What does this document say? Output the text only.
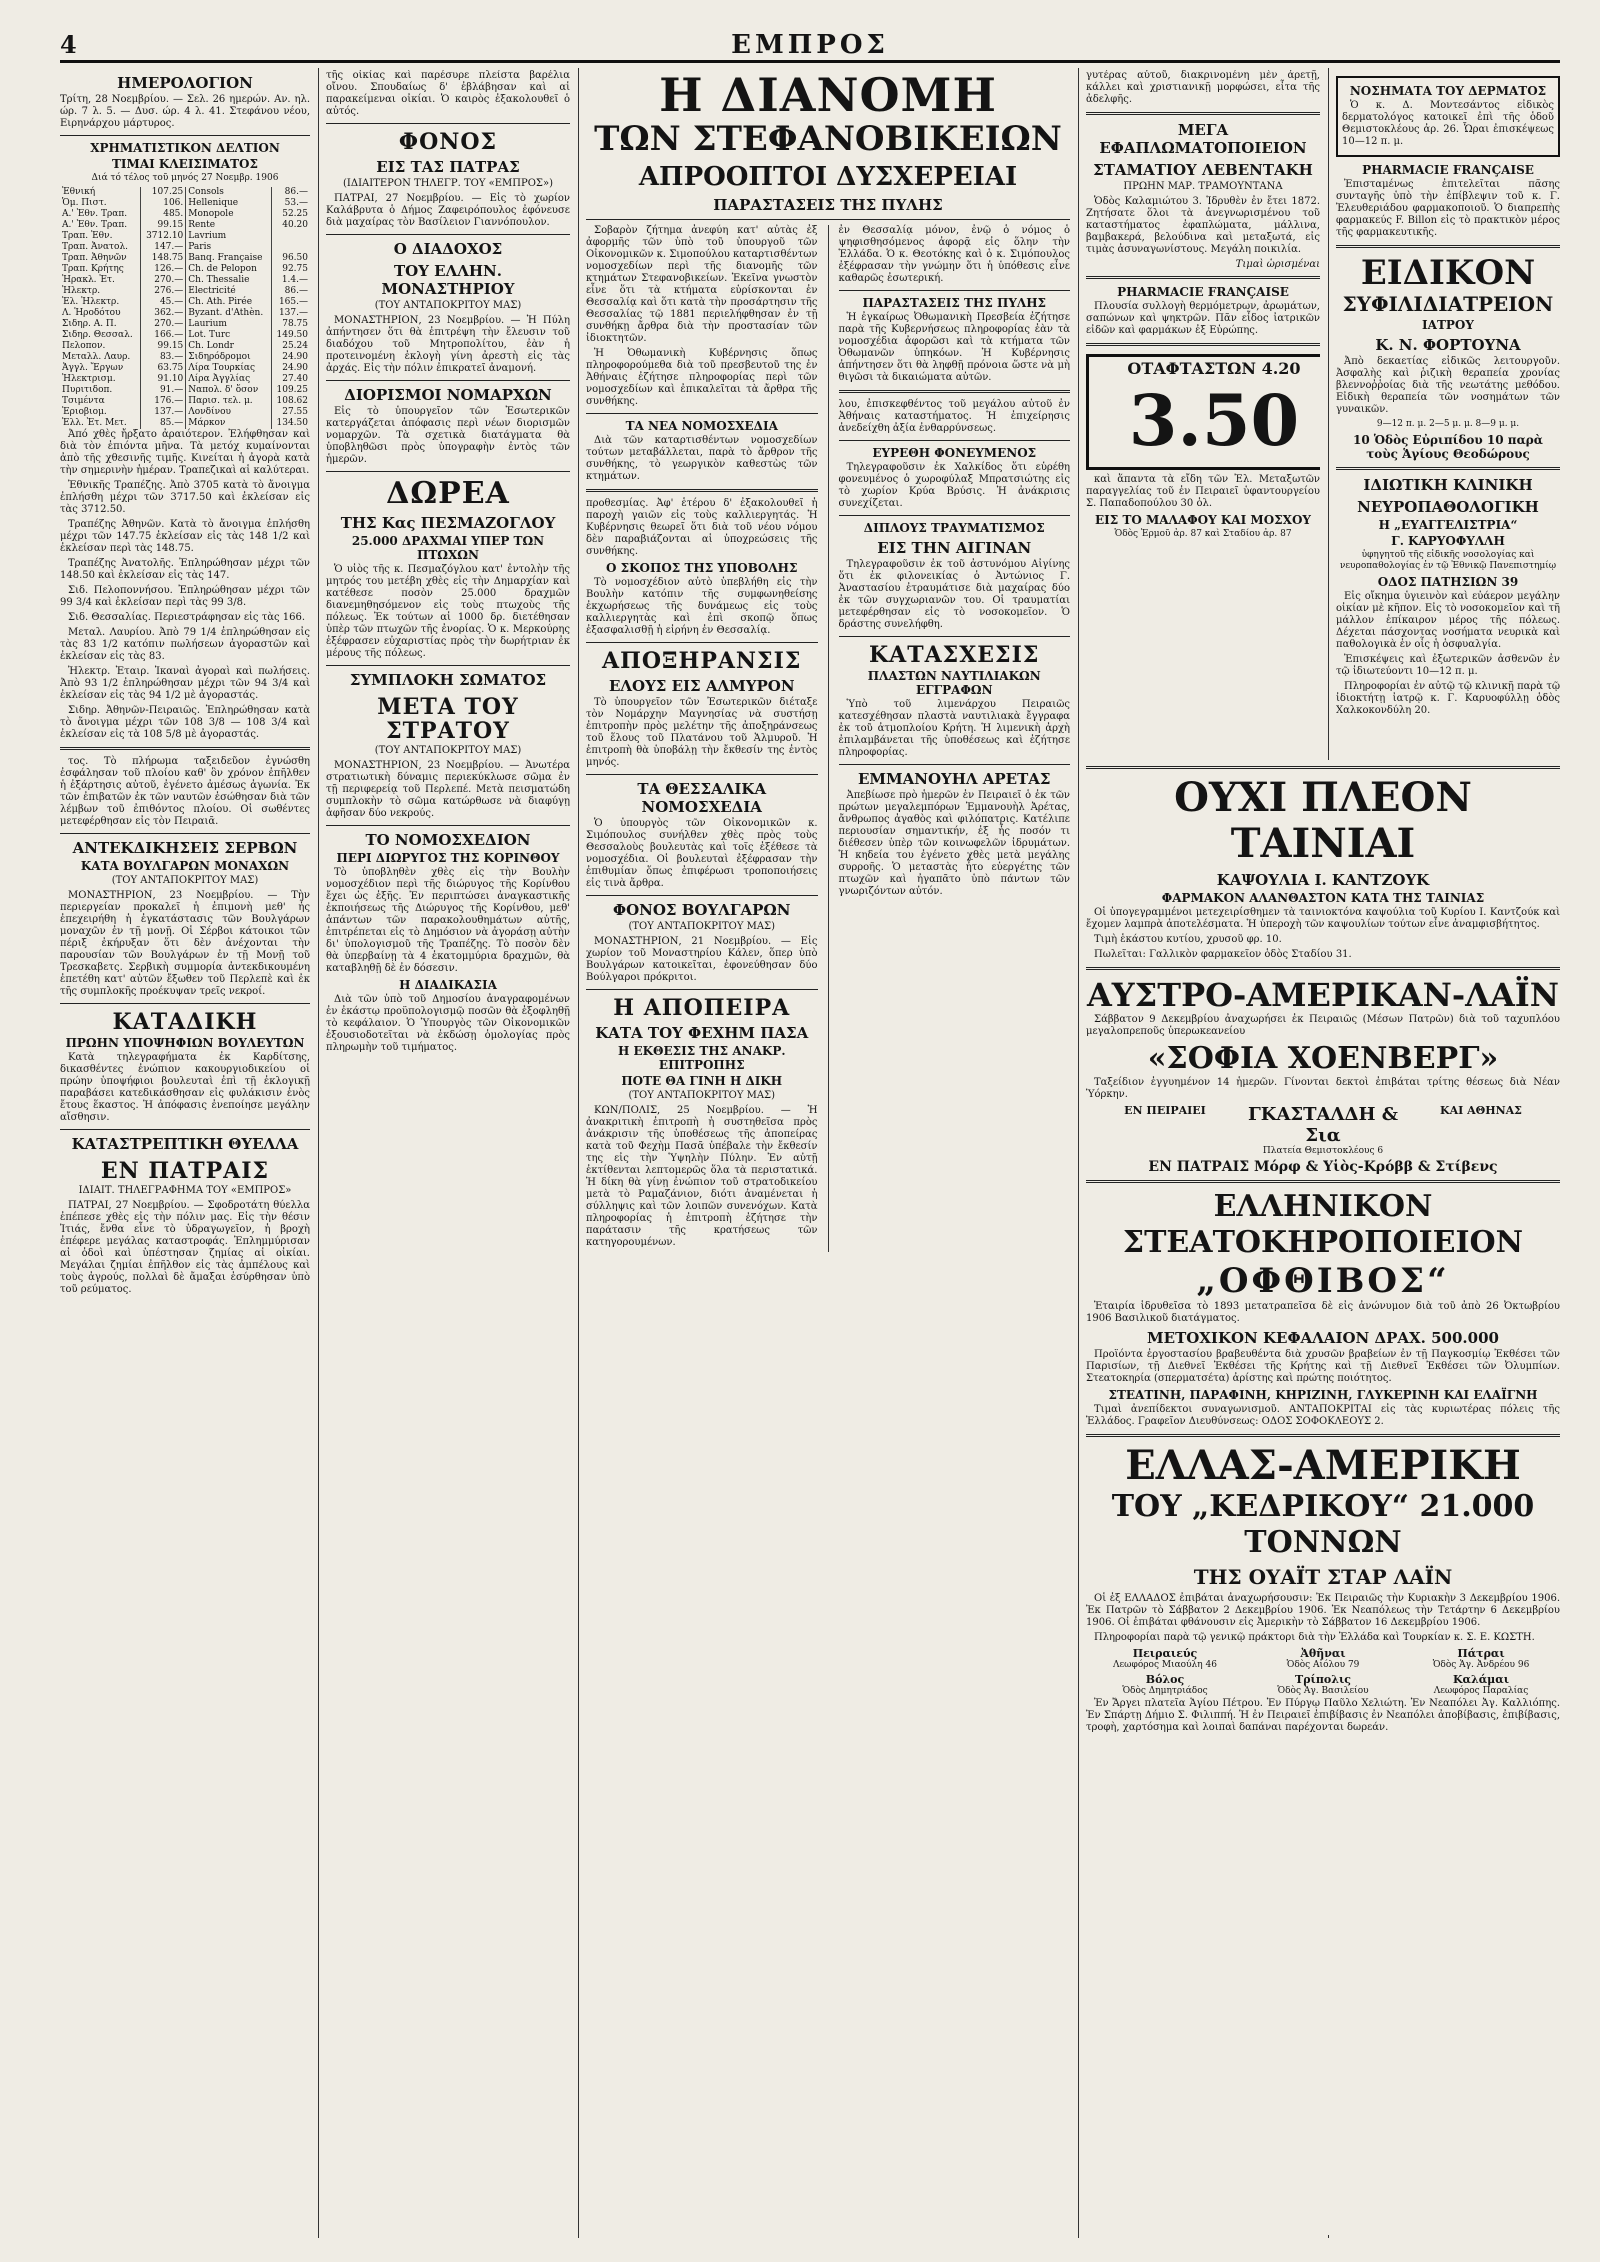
4	ΕΜΠΡΟΣ
ΗΜΕΡΟΛΟΓΙΟΝ

Τρίτη, 28 Νοεμβρίου. — Σελ. 26 ημερών. Αν. ηλ. ώρ. 7 λ. 5. — Δυσ. ώρ. 4 λ. 41. Στεφάνου νέου, Ειρηνάρχου μάρτυρος.

ΧΡΗΜΑΤΙΣΤΙΚΟΝ ΔΕΛΤΙΟΝ
ΤΙΜΑΙ ΚΛΕΙΣΙΜΑΤΟΣ
Διά τό τέλος τοῦ μηνός 27 Νοεμβρ. 1906
Ἐθνική	107.25	Consols	86.—
Ὁμ. Πιστ.	106.	Hellenique	53.—
Α.' Ἐθν. Τραπ.	485.	Monopole	52.25
Α.' Ἐθν. Τραπ.	99.15	Rente	40.20
Τραπ. Ἐθν.	3712.10	Lavrium	
Τραπ. Ἀνατολ.	147.—	Paris	
Τραπ. Ἀθηνῶν	148.75	Banq. Française	96.50
Τραπ. Κρήτης	126.—	Ch. de Pelopon	92.75
Ἠρακλ. Ἐτ.	270.—	Ch. Thessalie	1.4.—
Ἠλεκτρ.	276.—	Electricité	86.—
Ἐλ. Ἠλεκτρ.	45.—	Ch. Ath. Pirée	165.—
Λ. Ἡροδότου	362.—	Byzant. d'Athèn.	137.—
Σιδηρ. Α. Π.	270.—	Laurium	78.75
Σιδηρ. Θεσσαλ.	166.—	Lot. Turc	149.50
Πελοπον.	99.15	Ch. Londr	25.24
Μεταλλ. Λαυρ.	83.—	Σιδηρόδρομοι	24.90
Ἀγγλ. Ἔργων	63.75	Λίρα Τουρκίας	24.90
Ἠλεκτρισμ.	91.10	Λίρα Ἀγγλίας	27.40
Πυριτιδοπ.	91.—	Ναπολ. δ' ὅσον	109.25
Τσιμέντα	176.—	Παρισ. τελ. μ.	108.62
Ἐριοβιομ.	137.—	Λονδίνου	27.55
Ἑλλ. Ἐτ. Μετ.	85.—	Μάρκον	134.50

Ἀπό χθὲς ἤρξατο ἀραιότερον. Ἐλήφθησαν καὶ διὰ τὸν ἐπιόντα μῆνα. Τὰ μετόχ κυμαίνονται ἀπὸ τῆς χθεσινῆς τιμῆς. Κινείται ἡ ἀγορὰ κατὰ τὴν σημερινὴν ἡμέραν. Τραπεζικαὶ αἱ καλύτεραι.

Ἐθνικῆς Τραπέζης. Ἀπὸ 3705 κατὰ τὸ ἄνοιγμα ἐπλήσθη μέχρι τῶν 3717.50 καὶ ἐκλείσαν εἰς τὰς 3712.50.

Τραπέζης Ἀθηνῶν. Κατὰ τὸ ἄνοιγμα ἐπλήσθη μέχρι τῶν 147.75 ἐκλείσαν εἰς τὰς 148 1/2 καὶ ἐκλείσαν περὶ τὰς 148.75.

Τραπέζης Ἀνατολῆς. Ἐπληρώθησαν μέχρι τῶν 148.50 καὶ ἐκλείσαν εἰς τὰς 147.

Σιδ. Πελοποννήσου. Ἐπληρώθησαν μέχρι τῶν 99 3/4 καὶ ἐκλείσαν περὶ τὰς 99 3/8.

Σιδ. Θεσσαλίας. Περιεστράφησαν εἰς τὰς 166.

Μεταλ. Λαυρίου. Ἀπὸ 79 1/4 ἐπληρώθησαν εἰς τὰς 83 1/2 κατόπιν πωλήσεων ἀγοραστῶν καὶ ἐκλείσαν εἰς τὰς 83.

Ἠλεκτρ. Ἑταιρ. Ἱκαναὶ ἀγοραὶ καὶ πωλήσεις. Ἀπὸ 93 1/2 ἐπληρώθησαν μέχρι τῶν 94 3/4 καὶ ἐκλείσαν εἰς τὰς 94 1/2 μὲ ἀγοραστάς.

Σιδηρ. Ἀθηνῶν-Πειραιῶς. Ἐπληρώθησαν κατὰ τὸ ἄνοιγμα μέχρι τῶν 108 3/8 — 108 3/4 καὶ ἐκλείσαν εἰς τὰ 108 5/8 μὲ ἀγοραστάς.

τος. Τὸ πλήρωμα ταξειδεῦον ἐγνώσθη ἐσφάλησαν τοῦ πλοίου καθ' ὃν χρόνον ἐπῆλθεν ἡ ἐξάρτησις αὐτοῦ, ἐγένετο ἀμέσως ἀγωνία. Ἐκ τῶν ἐπιβατῶν ἐκ τῶν ναυτῶν ἐσώθησαν διὰ τῶν λέμβων τοῦ ἐπιθόντος πλοίου. Οἱ σωθέντες μετεφέρθησαν εἰς τὸν Πειραιᾶ.

ΑΝΤΕΚΔΙΚΗΣΕΙΣ ΣΕΡΒΩΝ
ΚΑΤΑ ΒΟΥΛΓΑΡΩΝ ΜΟΝΑΧΩΝ
(ΤΟΥ ΑΝΤΑΠΟΚΡΙΤΟΥ ΜΑΣ)

ΜΟΝΑΣΤΗΡΙΟΝ, 23 Νοεμβρίου. — Τὴν περιεργείαν προκαλεῖ ἡ ἐπιμονὴ μεθ' ἧς ἐπεχειρήθη ἡ ἐγκατάστασις τῶν Βουλγάρων μοναχῶν ἐν τῇ μονῇ. Οἱ Σέρβοι κάτοικοι τῶν πέριξ ἐκήρυξαν ὅτι δὲν ἀνέχονται τὴν παρουσίαν τῶν Βουλγάρων ἐν τῇ Μονῇ τοῦ Τρεσκαβετς. Σερβικὴ συμμορία ἀντεκδικουμένη ἐπετέθη κατ' αὐτῶν ἔξωθεν τοῦ Περλεπὲ καὶ ἐκ τῆς συμπλοκῆς προέκυψαν τρεῖς νεκροί.

ΚΑΤΑΔΙΚΗ
ΠΡΩΗΝ ΥΠΟΨΗΦΙΩΝ ΒΟΥΛΕΥΤΩΝ

Κατὰ τηλεγραφήματα ἐκ Καρδίτσης, δικασθέντες ἐνώπιον κακουργιοδικείου οἱ πρώην ὑποψήφιοι βουλευταὶ ἐπὶ τῇ ἐκλογικῇ παραβάσει κατεδικάσθησαν εἰς φυλάκισιν ἑνὸς ἔτους ἕκαστος. Ἡ ἀπόφασις ἐνεποίησε μεγάλην αἴσθησιν.

ΚΑΤΑΣΤΡΕΠΤΙΚΗ ΘΥΕΛΛΑ
ΕΝ ΠΑΤΡΑΙΣ
ΙΔΙΑΙΤ. ΤΗΛΕΓΡΑΦΗΜΑ ΤΟΥ «ΕΜΠΡΟΣ»

ΠΑΤΡΑΙ, 27 Νοεμβρίου. — Σφοδροτάτη θύελλα ἐπέπεσε χθὲς εἰς τὴν πόλιν μας. Εἰς τὴν θέσιν Ἰτιάς, ἔνθα εἶνε τὸ ὑδραγωγεῖον, ἡ βροχὴ ἐπέφερε μεγάλας καταστροφάς. Ἐπλημμύρισαν αἱ ὁδοὶ καὶ ὑπέστησαν ζημίας αἱ οἰκίαι. Μεγάλαι ζημίαι ἐπῆλθον εἰς τὰς ἀμπέλους καὶ τοὺς ἀγρούς, πολλαὶ δὲ ἄμαξαι ἐσύρθησαν ὑπὸ τοῦ ρεύματος.

τῆς οἰκίας καὶ παρέσυρε πλείστα βαρέλια οἴνου. Σπουδαίως δ' ἐβλάβησαν καὶ αἱ παρακείμεναι οἰκίαι. Ὁ καιρὸς ἐξακολουθεῖ ὁ αὐτός.

ΦΟΝΟΣ
ΕΙΣ ΤΑΣ ΠΑΤΡΑΣ
(ΙΔΙΑΙΤΕΡΟΝ ΤΗΛΕΓΡ. ΤΟΥ «ΕΜΠΡΟΣ»)

ΠΑΤΡΑΙ, 27 Νοεμβρίου. — Εἰς τὸ χωρίον Καλάβρυτα ὁ Δήμος Ζαφειρόπουλος ἐφόνευσε διὰ μαχαίρας τὸν Βασίλειον Γιαννόπουλον.

Ο ΔΙΑΔΟΧΟΣ
ΤΟΥ ΕΛΛΗΝ. ΜΟΝΑΣΤΗΡΙΟΥ
(ΤΟΥ ΑΝΤΑΠΟΚΡΙΤΟΥ ΜΑΣ)

ΜΟΝΑΣΤΗΡΙΟΝ, 23 Νοεμβρίου. — Ἡ Πύλη ἀπήντησεν ὅτι θὰ ἐπιτρέψη τὴν ἔλευσιν τοῦ διαδόχου τοῦ Μητροπολίτου, ἐὰν ἡ προτεινομένη ἐκλογὴ γίνη ἀρεστὴ εἰς τὰς ἀρχάς. Εἰς τὴν πόλιν ἐπικρατεῖ ἀναμονή.

ΔΙΟΡΙΣΜΟΙ ΝΟΜΑΡΧΩΝ

Εἰς τὸ ὑπουργεῖον τῶν Ἐσωτερικῶν κατεργάζεται ἀπόφασις περὶ νέων διορισμῶν νομαρχῶν. Τὰ σχετικὰ διατάγματα θὰ ὑποβληθῶσι πρὸς ὑπογραφὴν ἐντὸς τῶν ἡμερῶν.

ΔΩΡΕΑ
ΤΗΣ Κας ΠΕΣΜΑΖΟΓΛΟΥ
25.000 ΔΡΑΧΜΑΙ ΥΠΕΡ ΤΩΝ ΠΤΩΧΩΝ

Ὁ υἱὸς τῆς κ. Πεσμαζόγλου κατ' ἐντολὴν τῆς μητρός του μετέβη χθὲς εἰς τὴν Δημαρχίαν καὶ κατέθεσε ποσὸν 25.000 δραχμῶν διανεμηθησόμενον εἰς τοὺς πτωχοὺς τῆς πόλεως. Ἐκ τούτων αἱ 1000 δρ. διετέθησαν ὑπὲρ τῶν πτωχῶν τῆς ἐνορίας. Ὁ κ. Μερκούρης ἐξέφρασεν εὐχαριστίας πρὸς τὴν δωρήτριαν ἐκ μέρους τῆς πόλεως.

ΣΥΜΠΛΟΚΗ ΣΩΜΑΤΟΣ
ΜΕΤΑ ΤΟΥ ΣΤΡΑΤΟΥ
(ΤΟΥ ΑΝΤΑΠΟΚΡΙΤΟΥ ΜΑΣ)

ΜΟΝΑΣΤΗΡΙΟΝ, 23 Νοεμβρίου. — Ἀνωτέρα στρατιωτικὴ δύναμις περιεκύκλωσε σῶμα ἐν τῇ περιφερείᾳ τοῦ Περλεπέ. Μετὰ πεισματώδη συμπλοκὴν τὸ σῶμα κατώρθωσε νὰ διαφύγῃ ἀφῆσαν δύο νεκρούς.

ΤΟ ΝΟΜΟΣΧΕΔΙΟΝ
ΠΕΡΙ ΔΙΩΡΥΓΟΣ ΤΗΣ ΚΟΡΙΝΘΟΥ

Τὸ ὑποβληθὲν χθὲς εἰς τὴν Βουλὴν νομοσχέδιον περὶ τῆς διώρυγος τῆς Κορίνθου ἔχει ὡς ἑξῆς. Ἐν περιπτώσει ἀναγκαστικῆς ἐκποιήσεως τῆς Διώρυγος τῆς Κορίνθου, μεθ' ἁπάντων τῶν παρακολουθημάτων αὐτῆς, ἐπιτρέπεται εἰς τὸ Δημόσιον νὰ ἀγοράσῃ αὐτὴν δι' ὑπολογισμοῦ τῆς Τραπέζης. Τὸ ποσὸν δὲν θὰ ὑπερβαίνῃ τὰ 4 ἑκατομμύρια δραχμῶν, θὰ καταβληθῇ δὲ ἐν δόσεσιν.

Η ΔΙΑΔΙΚΑΣΙΑ

Διὰ τῶν ὑπὸ τοῦ Δημοσίου ἀναγραφομένων ἐν ἐκάστῳ προϋπολογισμῷ ποσῶν θὰ ἐξοφληθῇ τὸ κεφάλαιον. Ὁ Ὑπουργὸς τῶν Οἰκονομικῶν ἐξουσιοδοτεῖται νὰ ἐκδώσῃ ὁμολογίας πρὸς πληρωμὴν τοῦ τιμήματος.

Η ΔΙΑΝΟΜΗ
ΤΩΝ ΣΤΕΦΑΝΟΒΙΚΕΙΩΝ
ΑΠΡΟΟΠΤΟΙ ΔΥΣΧΕΡΕΙΑΙ
ΠΑΡΑΣΤΑΣΕΙΣ ΤΗΣ ΠΥΛΗΣ

Σοβαρὸν ζήτημα ἀνεφύη κατ' αὐτὰς ἐξ ἀφορμῆς τῶν ὑπὸ τοῦ ὑπουργοῦ τῶν Οἰκονομικῶν κ. Σιμοπούλου καταρτισθέντων νομοσχεδίων περὶ τῆς διανομῆς τῶν κτημάτων Στεφανοβικείων. Ἐκεῖνα γνωστὸν εἶνε ὅτι τὰ κτήματα εὑρίσκονται ἐν Θεσσαλίᾳ καὶ ὅτι κατὰ τὴν προσάρτησιν τῆς Θεσσαλίας τῷ 1881 περιελήφθησαν ἐν τῇ συνθήκῃ ἄρθρα διὰ τὴν προστασίαν τῶν ἰδιοκτητῶν.

Ἡ Ὀθωμανικὴ Κυβέρνησις ὅπως πληροφορούμεθα διὰ τοῦ πρεσβευτοῦ της ἐν Ἀθήναις ἐζήτησε πληροφορίας περὶ τῶν νομοσχεδίων καὶ ἐπικαλεῖται τὰ ἄρθρα τῆς συνθήκης.

ΤΑ ΝΕΑ ΝΟΜΟΣΧΕΔΙΑ

Διὰ τῶν καταρτισθέντων νομοσχεδίων τούτων μεταβάλλεται, παρὰ τὸ ἄρθρον τῆς συνθήκης, τὸ γεωργικὸν καθεστὼς τῶν κτημάτων.

προθεσμίας. Ἀφ' ἑτέρου δ' ἐξακολουθεῖ ἡ παροχὴ γαιῶν εἰς τοὺς καλλιεργητάς. Ἡ Κυβέρνησις θεωρεῖ ὅτι διὰ τοῦ νέου νόμου δὲν παραβιάζονται αἱ ὑποχρεώσεις τῆς συνθήκης.

Ο ΣΚΟΠΟΣ ΤΗΣ ΥΠΟΒΟΛΗΣ

Τὸ νομοσχέδιον αὐτὸ ὑπεβλήθη εἰς τὴν Βουλὴν κατόπιν τῆς συμφωνηθείσης ἐκχωρήσεως τῆς δυνάμεως εἰς τοὺς καλλιεργητὰς καὶ ἐπὶ σκοπῷ ὅπως ἐξασφαλισθῇ ἡ εἰρήνη ἐν Θεσσαλίᾳ.

ΑΠΟΞΗΡΑΝΣΙΣ
ΕΛΟΥΣ ΕΙΣ ΑΛΜΥΡΟΝ

Τὸ ὑπουργεῖον τῶν Ἐσωτερικῶν διέταξε τὸν Νομάρχην Μαγνησίας νὰ συστήσῃ ἐπιτροπὴν πρὸς μελέτην τῆς ἀποξηράνσεως τοῦ ἕλους τοῦ Πλατάνου τοῦ Ἁλμυροῦ. Ἡ ἐπιτροπὴ θὰ ὑποβάλῃ τὴν ἔκθεσίν της ἐντὸς μηνός.

ΤΑ ΘΕΣΣΑΛΙΚΑ ΝΟΜΟΣΧΕΔΙΑ

Ὁ ὑπουργὸς τῶν Οἰκονομικῶν κ. Σιμόπουλος συνήλθεν χθὲς πρὸς τοὺς Θεσσαλοὺς βουλευτὰς καὶ τοῖς ἐξέθεσε τὰ νομοσχέδια. Οἱ βουλευταὶ ἐξέφρασαν τὴν ἐπιθυμίαν ὅπως ἐπιφέρωσι τροποποιήσεις εἰς τινὰ ἄρθρα.

ΦΟΝΟΣ ΒΟΥΛΓΑΡΩΝ
(ΤΟΥ ΑΝΤΑΠΟΚΡΙΤΟΥ ΜΑΣ)

ΜΟΝΑΣΤΗΡΙΟΝ, 21 Νοεμβρίου. — Εἰς χωρίον τοῦ Μοναστηρίου Κάλεν, ὅπερ ὑπὸ Βουλγάρων κατοικεῖται, ἐφονεύθησαν δύο Βούλγαροι πρόκριτοι.

Η ΑΠΟΠΕΙΡΑ
ΚΑΤΑ ΤΟΥ ΦΕΧΗΜ ΠΑΣΑ
Η ΕΚΘΕΣΙΣ ΤΗΣ ΑΝΑΚΡ. ΕΠΙΤΡΟΠΗΣ
ΠΟΤΕ ΘΑ ΓΙΝΗ Η ΔΙΚΗ
(ΤΟΥ ΑΝΤΑΠΟΚΡΙΤΟΥ ΜΑΣ)

ΚΩΝ/ΠΟΛΙΣ, 25 Νοεμβρίου. — Ἡ ἀνακριτικὴ ἐπιτροπὴ ἡ συστηθεῖσα πρὸς ἀνάκρισιν τῆς ὑποθέσεως τῆς ἀποπείρας κατὰ τοῦ Φεχὴμ Πασᾶ ὑπέβαλε τὴν ἔκθεσίν της εἰς τὴν Ὑψηλὴν Πύλην. Ἐν αὐτῇ ἐκτίθενται λεπτομερῶς ὅλα τὰ περιστατικά. Ἡ δίκη θὰ γίνῃ ἐνώπιον τοῦ στρατοδικείου μετὰ τὸ Ραμαζάνιον, διότι ἀναμένεται ἡ σύλληψις καὶ τῶν λοιπῶν συνενόχων. Κατὰ πληροφορίας ἡ ἐπιτροπὴ ἐζήτησε τὴν παράτασιν τῆς κρατήσεως τῶν κατηγορουμένων.

ἐν Θεσσαλίᾳ μόνον, ἐνῷ ὁ νόμος ὁ ψηφισθησόμενος ἀφορᾷ εἰς ὅλην τὴν Ἑλλάδα. Ὁ κ. Θεοτόκης καὶ ὁ κ. Σιμόπουλος ἐξέφρασαν τὴν γνώμην ὅτι ἡ ὑπόθεσις εἶνε καθαρῶς ἐσωτερική.

ΠΑΡΑΣΤΑΣΕΙΣ ΤΗΣ ΠΥΛΗΣ

Ἡ ἐγκαίρως Ὀθωμανικὴ Πρεσβεία ἐζήτησε παρὰ τῆς Κυβερνήσεως πληροφορίας ἐὰν τὰ νομοσχέδια ἀφορῶσι καὶ τὰ κτήματα τῶν Ὀθωμανῶν ὑπηκόων. Ἡ Κυβέρνησις ἀπήντησεν ὅτι θὰ ληφθῇ πρόνοια ὥστε νὰ μὴ θιγῶσι τὰ δικαιώματα αὐτῶν.

λου, ἐπισκεφθέντος τοῦ μεγάλου αὐτοῦ ἐν Ἀθήναις καταστήματος. Ἡ ἐπιχείρησις ἀνεδείχθη ἀξία ἐνθαρρύνσεως.

ΕΥΡΕΘΗ ΦΟΝΕΥΜΕΝΟΣ

Τηλεγραφοῦσιν ἐκ Χαλκίδος ὅτι εὑρέθη φονευμένος ὁ χωροφύλαξ Μπρατσιώτης εἰς τὸ χωρίον Κρύα Βρύσις. Ἡ ἀνάκρισις συνεχίζεται.

ΔΙΠΛΟΥΣ ΤΡΑΥΜΑΤΙΣΜΟΣ
ΕΙΣ ΤΗΝ ΑΙΓΙΝΑΝ

Τηλεγραφοῦσιν ἐκ τοῦ ἀστυνόμου Αἰγίνης ὅτι ἐκ φιλονεικίας ὁ Ἀντώνιος Γ. Ἀναστασίου ἐτραυμάτισε διὰ μαχαίρας δύο ἐκ τῶν συγχωριανῶν του. Οἱ τραυματίαι μετεφέρθησαν εἰς τὸ νοσοκομεῖον. Ὁ δράστης συνελήφθη.

ΚΑΤΑΣΧΕΣΙΣ
ΠΛΑΣΤΩΝ ΝΑΥΤΙΛΙΑΚΩΝ ΕΓΓΡΑΦΩΝ

Ὑπὸ τοῦ λιμενάρχου Πειραιῶς κατεσχέθησαν πλαστὰ ναυτιλιακὰ ἔγγραφα ἐκ τοῦ ἀτμοπλοίου Κρήτη. Ἡ λιμενικὴ ἀρχὴ ἐπιλαμβάνεται τῆς ὑποθέσεως καὶ ἐζήτησε πληροφορίας.

ΕΜΜΑΝΟΥΗΛ ΑΡΕΤΑΣ

Ἀπεβίωσε πρὸ ἡμερῶν ἐν Πειραιεῖ ὁ ἐκ τῶν πρώτων μεγαλεμπόρων Ἐμμανουὴλ Ἀρέτας, ἄνθρωπος ἀγαθὸς καὶ φιλόπατρις. Κατέλιπε περιουσίαν σημαντικήν, ἐξ ἧς ποσόν τι διέθεσεν ὑπὲρ τῶν κοινωφελῶν ἱδρυμάτων. Ἡ κηδεία του ἐγένετο χθὲς μετὰ μεγάλης συρροῆς. Ὁ μεταστὰς ἦτο εὐεργέτης τῶν πτωχῶν καὶ ἠγαπᾶτο ὑπὸ πάντων τῶν γνωριζόντων αὐτόν.

γυτέρας αὐτοῦ, διακρινομένη μὲν ἀρετῇ, κάλλει καὶ χριστιανικῇ μορφώσει, εἶτα τῆς ἀδελφῆς.

ΜΕΓΑ ΕΦΑΠΛΩΜΑΤΟΠΟΙΕΙΟΝ
ΣΤΑΜΑΤΙΟΥ ΛΕΒΕΝΤΑΚΗ
ΠΡΩΗΝ ΜΑΡ. ΤΡΑΜΟΥΝΤΑΝΑ

Ὁδὸς Καλαμιώτου 3. Ἱδρυθὲν ἐν ἔτει 1872. Ζητήσατε ὅλοι τὰ ἀνεγνωρισμένου τοῦ καταστήματος ἐφαπλώματα, μάλλινα, βαμβακερά, βελούδινα καὶ μεταξωτά, εἰς τιμὰς ἀσυναγωνίστους. Μεγάλη ποικιλία.

Τιμαὶ ὡρισμέναι
PHARMACIE FRANÇAISE

Πλουσία συλλογὴ θερμόμετρων, ἀρωμάτων, σαπώνων καὶ ψηκτρῶν. Πᾶν εἶδος ἰατρικῶν εἰδῶν καὶ φαρμάκων ἐξ Εὐρώπης.

ΟΤΑΦΤΑΣΤΩΝ 4.20
3.50

καὶ ἅπαντα τὰ εἴδη τῶν Ἐλ. Μεταξωτῶν παραγγελίας τοῦ ἐν Πειραιεῖ ὑφαντουργείου Σ. Παπαδοπούλου 30 ὁλ.

ΕΙΣ ΤΟ ΜΑΛΑΦΟΥ ΚΑΙ ΜΟΣΧΟΥ
Ὁδὸς Ἑρμοῦ ἀρ. 87 καὶ Σταδίου ἀρ. 87
ΝΟΣΗΜΑΤΑ ΤΟΥ ΔΕΡΜΑΤΟΣ

Ὁ κ. Δ. Μοντεσάντος εἰδικὸς δερματολόγος κατοικεῖ ἐπὶ τῆς ὁδοῦ Θεμιστοκλέους ἀρ. 26. Ὧραι ἐπισκέψεως 10—12 π. μ.

PHARMACIE FRANÇAISE

Ἐπισταμένως ἐπιτελεῖται πᾶσης συνταγῆς ὑπὸ τὴν ἐπίβλεψιν τοῦ κ. Γ. Ἐλευθεριάδου φαρμακοποιοῦ. Ὁ διαπρεπὴς φαρμακεύς F. Billon εἰς τὸ πρακτικὸν μέρος τῆς φαρμακευτικῆς.

ΕΙΔΙΚΟΝ
ΣΥΦΙΛΙΔΙΑΤΡΕΙΟΝ
ΙΑΤΡΟΥ
Κ. Ν. ΦΟΡΤΟΥΝΑ

Ἀπὸ δεκαετίας εἰδικῶς λειτουργοῦν. Ἀσφαλὴς καὶ ῥιζικὴ θεραπεία χρονίας βλεννοῤῥοίας διὰ τῆς νεωτάτης μεθόδου. Εἰδικὴ θεραπεία τῶν νοσημάτων τῶν γυναικῶν.

9—12 π. μ. 2—5 μ. μ. 8—9 μ. μ.
10 Ὁδὸς Εὐριπίδου 10 παρὰ τοὺς Ἁγίους Θεοδώρους
ΙΔΙΩΤΙΚΗ ΚΛΙΝΙΚΗ
ΝΕΥΡΟΠΑΘΟΛΟΓΙΚΗ
Η „ΕΥΑΓΓΕΛΙΣΤΡΙΑ“
Γ. ΚΑΡΥΟΦΥΛΛΗ
ὑφηγητοῦ τῆς εἰδικῆς νοσολογίας καὶ νευροπαθολογίας ἐν τῷ Ἐθνικῷ Πανεπιστημίῳ
ΟΔΟΣ ΠΑΤΗΣΙΩΝ 39

Εἰς οἴκημα ὑγιεινὸν καὶ εὐάερον μεγάλην οἰκίαν μὲ κῆπον. Εἰς τὸ νοσοκομεῖον καὶ τῆ μάλλον ἐπίκαιρον μέρος τῆς πόλεως. Δέχεται πάσχοντας νοσήματα νευρικὰ καὶ παθολογικὰ ἐν οἷς ἡ ὁσφυαλγία.

Ἐπισκέψεις καὶ ἐξωτερικῶν ἀσθενῶν ἐν τῷ ἰδιωτεύοντι 10—12 π. μ.

Πληροφορίαι ἐν αὐτῷ τῷ κλινικῇ παρὰ τῷ ἰδιοκτήτῃ ἰατρῷ κ. Γ. Καρυοφύλλῃ ὁδὸς Χαλκοκονδύλη 20.

ΟΥΧΙ ΠΛΕΟΝ ΤΑΙΝΙΑΙ
ΚΑΨΟΥΛΙΑ Ι. ΚΑΝΤΖΟΥΚ
ΦΑΡΜΑΚΟΝ ΑΛΑΝΘΑΣΤΟΝ ΚΑΤΑ ΤΗΣ ΤΑΙΝΙΑΣ

Οἱ ὑπογεγραμμένοι μετεχειρίσθημεν τὰ ταινιοκτόνα καψούλια τοῦ Κυρίου Ι. Καντζούκ καὶ ἔχομεν λαμπρὰ ἀποτελέσματα. Ἡ ὑπεροχὴ τῶν καψουλίων τούτων εἶνε ἀναμφισβήτητος.

Τιμὴ ἑκάστου κυτίου, χρυσοῦ φρ. 10.

Πωλεῖται: Γαλλικὸν φαρμακεῖον ὁδὸς Σταδίου 31.

ΑΥΣΤΡΟ-ΑΜΕΡΙΚΑΝ-ΛΑΪΝ

Σάββατον 9 Δεκεμβρίου ἀναχωρήσει ἐκ Πειραιῶς (Μέσων Πατρῶν) διὰ τοῦ ταχυπλόου μεγαλοπρεποῦς ὑπερωκεανείου

«ΣΟΦΙΑ ΧΟΕΝΒΕΡΓ»

Ταξείδιον ἐγγυημένον 14 ἡμερῶν. Γίνονται δεκτοὶ ἐπιβάται τρίτης θέσεως διὰ Νέαν Ὑόρκην.

ΕΝ ΠΕΙΡΑΙΕΙ	ΓΚΑΣΤΑΛΔΗ & Σια
ΚΑΙ ΑΘΗΝΑΣ
Πλατεία Θεμιστοκλέους 6
ΕΝ ΠΑΤΡΑΙΣ Μόρφ & Υἱὸς-Κρόββ & Στίβενς
ΕΛΛΗΝΙΚΟΝ ΣΤΕΑΤΟΚΗΡΟΠΟΙΕΙΟΝ
„ΟΦΘΙΒΟΣ“

Ἑταιρία ἱδρυθεῖσα τὸ 1893 μετατραπεῖσα δὲ εἰς ἀνώνυμον διὰ τοῦ ἀπὸ 26 Ὀκτωβρίου 1906 Βασιλικοῦ διατάγματος.

ΜΕΤΟΧΙΚΟΝ ΚΕΦΑΛΑΙΟΝ ΔΡΑΧ. 500.000

Προϊόντα ἐργοστασίου βραβευθέντα διὰ χρυσῶν βραβείων ἐν τῇ Παγκοσμίῳ Ἐκθέσει τῶν Παρισίων, τῇ Διεθνεῖ Ἐκθέσει τῆς Κρήτης καὶ τῇ Διεθνεῖ Ἐκθέσει τῶν Ὀλυμπίων. Στεατοκηρία (σπερματσέτα) ἀρίστης καὶ πρώτης ποιότητος.

ΣΤΕΑΤΙΝΗ, ΠΑΡΑΦΙΝΗ, ΚΗΡΙΖΙΝΗ, ΓΛΥΚΕΡΙΝΗ ΚΑΙ ΕΛΑΪΓΝΗ

Τιμαὶ ἀνεπίδεκτοι συναγωνισμοῦ. ΑΝΤΑΠΟΚΡΙΤΑΙ εἰς τὰς κυριωτέρας πόλεις τῆς Ἑλλάδος. Γραφεῖον Διευθύνσεως: ΟΔΟΣ ΣΟΦΟΚΛΕΟΥΣ 2.

ΕΛΛΑΣ-ΑΜΕΡΙΚΗ
ΤΟΥ „ΚΕΔΡΙΚΟΥ“ 21.000 ΤΟΝΝΩΝ
ΤΗΣ ΟΥΑΪΤ ΣΤΑΡ ΛΑΪΝ

Οἱ ἐξ ΕΛΛΑΔΟΣ ἐπιβάται ἀναχωρήσουσιν: Ἐκ Πειραιῶς τὴν Κυριακὴν 3 Δεκεμβρίου 1906. Ἐκ Πατρῶν τὸ Σάββατον 2 Δεκεμβρίου 1906. Ἐκ Νεαπόλεως τὴν Τετάρτην 6 Δεκεμβρίου 1906. Οἱ ἐπιβάται φθάνουσιν εἰς Ἀμερικὴν τὸ Σάββατον 16 Δεκεμβρίου 1906.

Πληροφορίαι παρὰ τῷ γενικῷ πράκτορι διὰ τὴν Ἑλλάδα καὶ Τουρκίαν κ. Σ. Ε. ΚΩΣΤΗ.

Πειραιεύς	Ἀθῆναι	Πάτραι
Λεωφόρος Μιαούλη 46	Ὁδὸς Αἰόλου 79	Ὁδὸς Ἁγ. Ἀνδρέου 96
Βόλος	Τρίπολις	Καλάμαι
Ὁδὸς Δημητριάδος	Ὁδὸς Ἁγ. Βασιλείου	Λεωφόρος Παραλίας

Ἐν Ἄργει πλατεῖα Ἁγίου Πέτρου. Ἐν Πύργῳ Παῦλο Χελιώτη. Ἐν Νεαπόλει Ἀγ. Καλλιόπης. Ἐν Σπάρτῃ Δήμιο Σ. Φιλιππή. Ἡ ἐν Πειραιεῖ ἐπιβίβασις ἐν Νεαπόλει ἀποβίβασις, ἐπιβίβασις, τροφὴ, χαρτόσημα καὶ λοιπαὶ δαπάναι παρέχονται δωρεάν.
